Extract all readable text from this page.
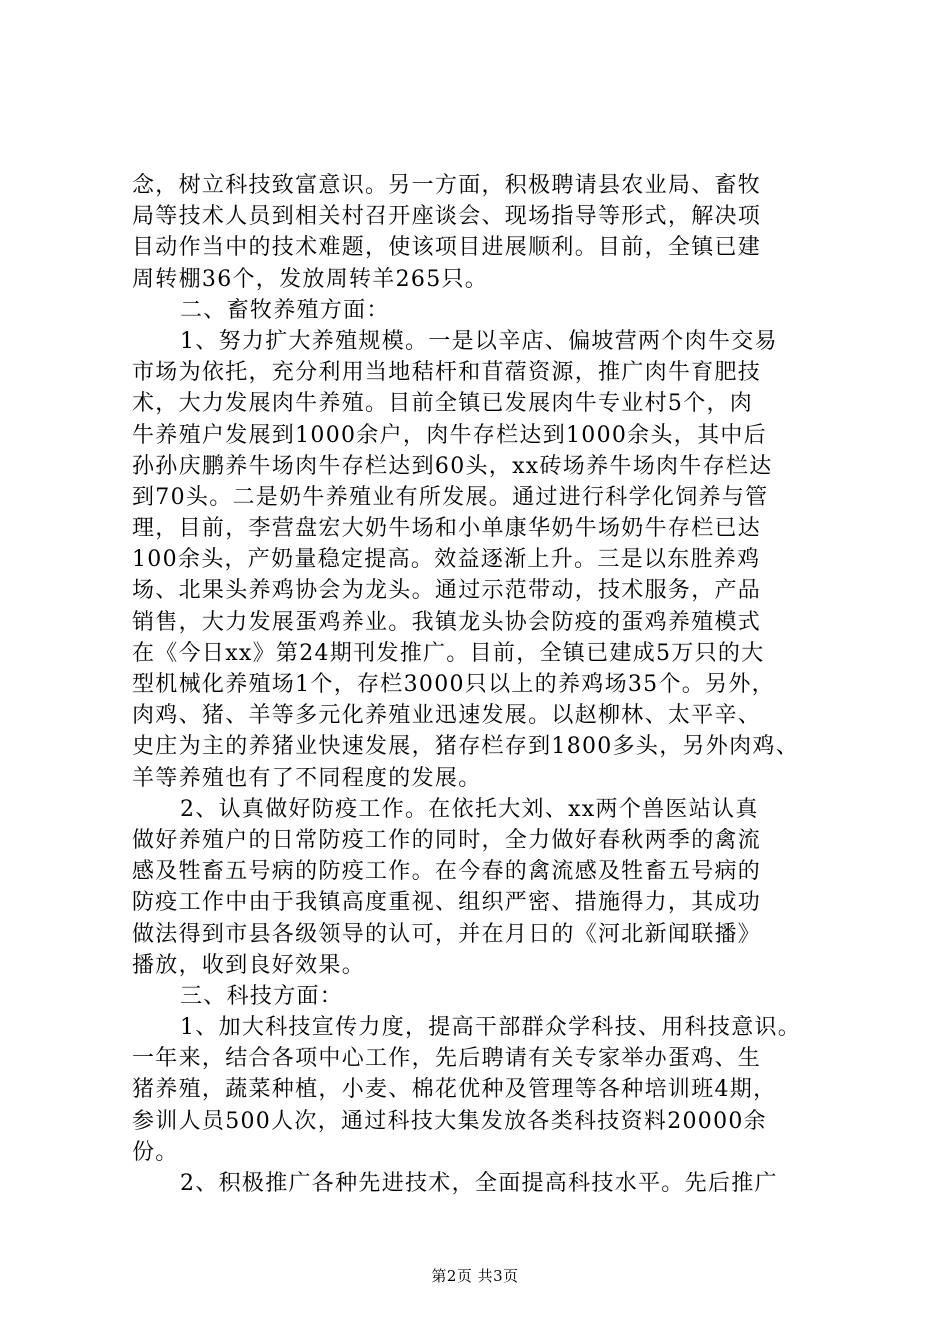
念，树立科技致富意识。另一方面，积极聘请县农业局、畜牧
局等技术人员到相关村召开座谈会、现场指导等形式，解决项
目动作当中的技术难题，使该项目进展顺利。目前，全镇已建
周转棚36个，发放周转羊265只。
二、畜牧养殖方面：
1、努力扩大养殖规模。一是以辛店、偏坡营两个肉牛交易
市场为依托，充分利用当地秸杆和苜蓿资源，推广肉牛育肥技
术，大力发展肉牛养殖。目前全镇已发展肉牛专业村5个，肉
牛养殖户发展到1000余户，肉牛存栏达到1000余头，其中后
孙孙庆鹏养牛场肉牛存栏达到60头，xx砖场养牛场肉牛存栏达
到70头。二是奶牛养殖业有所发展。通过进行科学化饲养与管
理，目前，李营盘宏大奶牛场和小单康华奶牛场奶牛存栏已达
100余头，产奶量稳定提高。效益逐渐上升。三是以东胜养鸡
场、北果头养鸡协会为龙头。通过示范带动，技术服务，产品
销售，大力发展蛋鸡养业。我镇龙头协会防疫的蛋鸡养殖模式
在《今日xx》第24期刊发推广。目前，全镇已建成5万只的大
型机械化养殖场1个，存栏3000只以上的养鸡场35个。另外，
肉鸡、猪、羊等多元化养殖业迅速发展。以赵柳林、太平辛、
史庄为主的养猪业快速发展，猪存栏存到1800多头，另外肉鸡、
羊等养殖也有了不同程度的发展。
2、认真做好防疫工作。在依托大刘、xx两个兽医站认真
做好养殖户的日常防疫工作的同时，全力做好春秋两季的禽流
感及牲畜五号病的防疫工作。在今春的禽流感及牲畜五号病的
防疫工作中由于我镇高度重视、组织严密、措施得力，其成功
做法得到市县各级领导的认可，并在月日的《河北新闻联播》
播放，收到良好效果。
三、科技方面：
1、加大科技宣传力度，提高干部群众学科技、用科技意识。
一年来，结合各项中心工作，先后聘请有关专家举办蛋鸡、生
猪养殖，蔬菜种植，小麦、棉花优种及管理等各种培训班4期，
参训人员500人次，通过科技大集发放各类科技资料20000余
份。
2、积极推广各种先进技术，全面提高科技水平。先后推广
第2页 共3页
